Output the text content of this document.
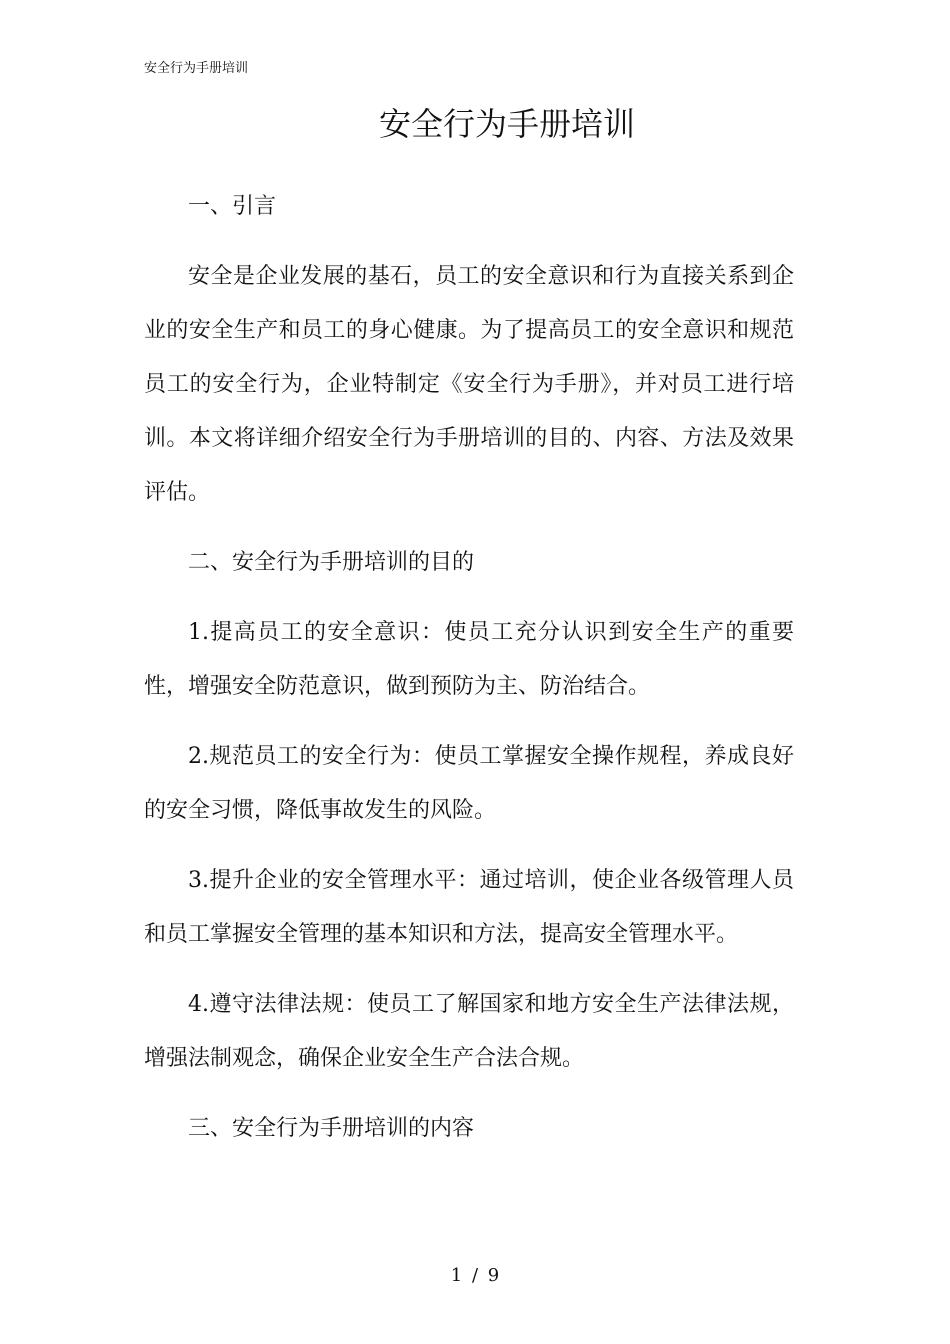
安全行为手册培训
安全行为手册培训

一、引言

安全是企业发展的基石，员工的安全意识和行为直接关系到企业的安全生产和员工的身心健康。为了提高员工的安全意识和规范员工的安全行为，企业特制定《安全行为手册》，并对员工进行培训。本文将详细介绍安全行为手册培训的目的、内容、方法及效果评估。

二、安全行为手册培训的目的

1.提高员工的安全意识：使员工充分认识到安全生产的重要性，增强安全防范意识，做到预防为主、防治结合。

2.规范员工的安全行为：使员工掌握安全操作规程，养成良好的安全习惯，降低事故发生的风险。

3.提升企业的安全管理水平：通过培训，使企业各级管理人员和员工掌握安全管理的基本知识和方法，提高安全管理水平。

4.遵守法律法规：使员工了解国家和地方安全生产法律法规，增强法制观念，确保企业安全生产合法合规。

三、安全行为手册培训的内容

1 / 9
